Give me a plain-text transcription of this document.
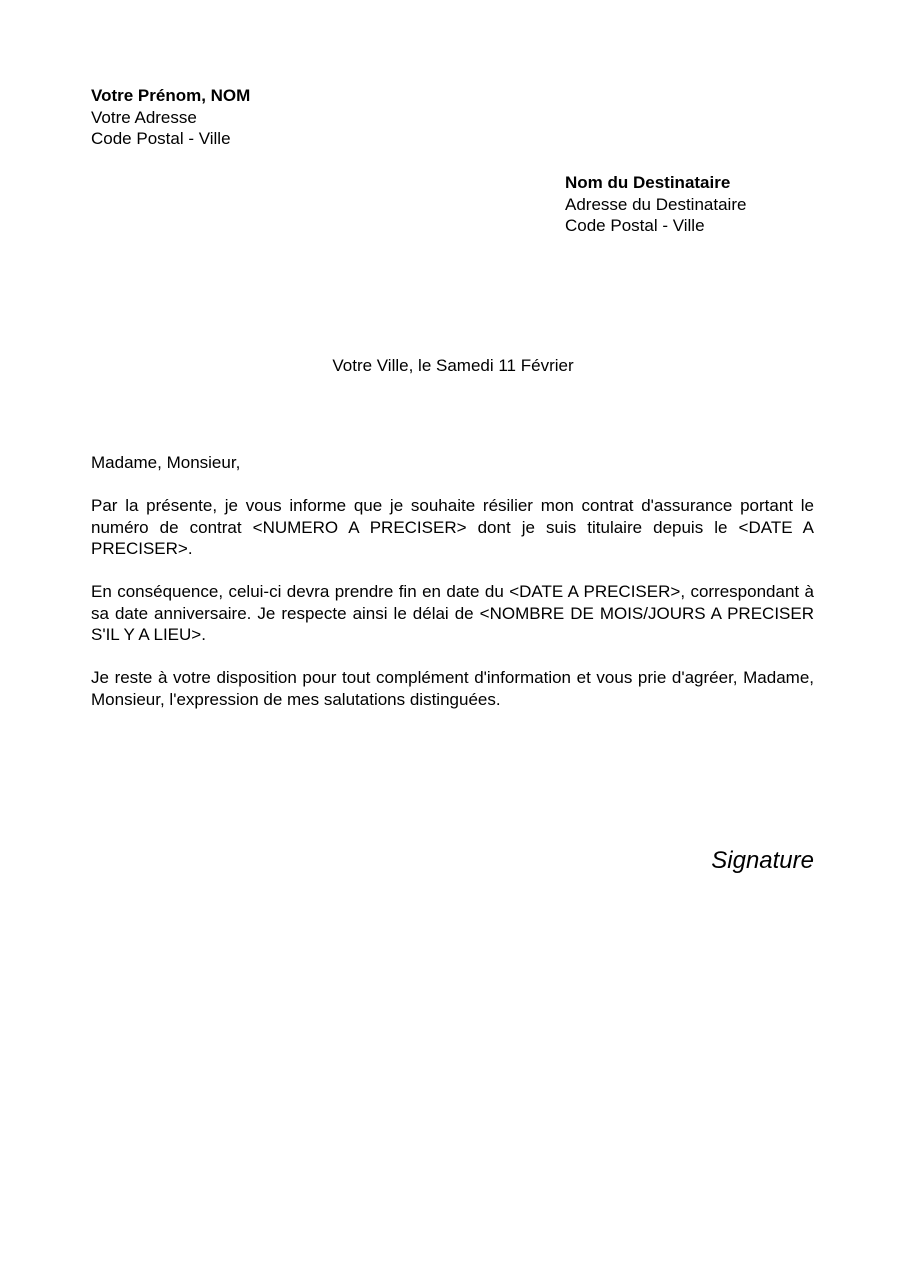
Votre Prénom, NOM
Votre Adresse
Code Postal - Ville
Nom du Destinataire
Adresse du Destinataire
Code Postal - Ville
Votre Ville, le Samedi 11 Février

Madame, Monsieur,

Par la présente, je vous informe que je souhaite résilier mon contrat d'assurance portant le numéro de contrat <NUMERO A PRECISER> dont je suis titulaire depuis le <DATE A PRECISER>.

En conséquence, celui-ci devra prendre fin en date du <DATE A PRECISER>, correspondant à sa date anniversaire. Je respecte ainsi le délai de <NOMBRE DE MOIS/JOURS A PRECISER S'IL Y A LIEU>.

Je reste à votre disposition pour tout complément d'information et vous prie d'agréer, Madame, Monsieur, l'expression de mes salutations distinguées.

Signature
